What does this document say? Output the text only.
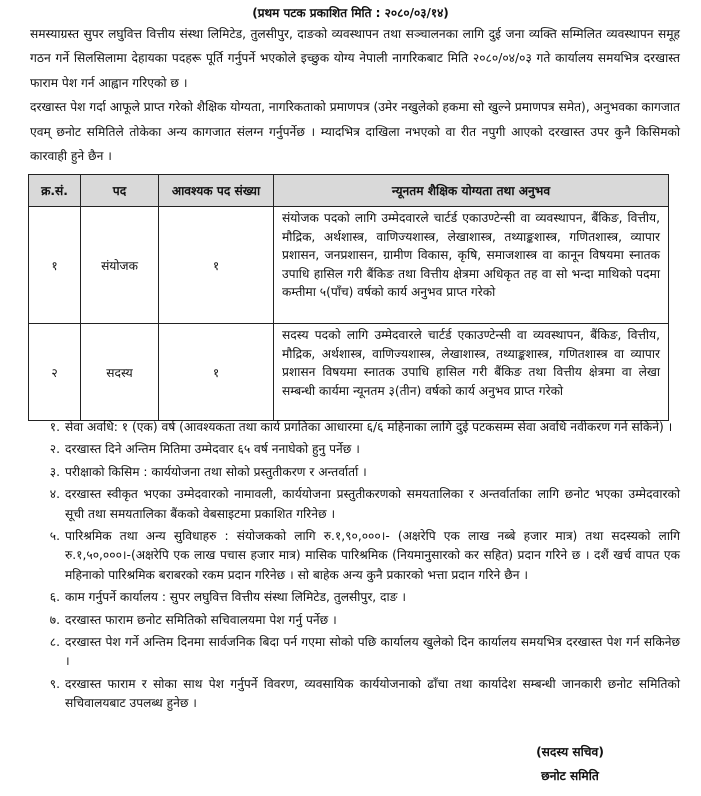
(प्रथम पटक प्रकाशित मिति : २०८०/०३/१४)

समस्याग्रस्त सुपर लघुवित्त वित्तीय संस्था लिमिटेड, तुलसीपुर, दाङको व्यवस्थापन तथा सञ्चालनका लागि दुई जना व्यक्ति सम्मिलित व्यवस्थापन समूह गठन गर्ने सिलसिलामा देहायका पदहरू पूर्ति गर्नुपर्ने भएकोले इच्छुक योग्य नेपाली नागरिकबाट मिति २०८०/०४/०३ गते कार्यालय समयभित्र दरखास्त फाराम पेश गर्न आह्वान गरिएको छ ।

दरखास्त पेश गर्दा आफूले प्राप्त गरेको शैक्षिक योग्यता, नागरिकताको प्रमाणपत्र (उमेर नखुलेको हकमा सो खुल्ने प्रमाणपत्र समेत), अनुभवका कागजात एवम् छनोट समितिले तोकेका अन्य कागजात संलग्न गर्नुपर्नेछ । म्यादभित्र दाखिला नभएको वा रीत नपुगी आएको दरखास्त उपर कुनै किसिमको कारवाही हुने छैन ।

क्र.सं.	पद	आवश्यक पद संख्या	न्यूनतम शैक्षिक योग्यता तथा अनुभव
१	संयोजक	१	संयोजक पदको लागि उम्मेदवारले चार्टर्ड एकाउण्टेन्सी वा व्यवस्थापन, बैंकिङ, वित्तीय, मौद्रिक, अर्थशास्त्र, वाणिज्यशास्त्र, लेखाशास्त्र, तथ्याङ्कशास्त्र, गणितशास्त्र, व्यापार प्रशासन, जनप्रशासन, ग्रामीण विकास, कृषि, समाजशास्त्र वा कानून विषयमा स्नातक उपाधि हासिल गरी बैंकिङ तथा वित्तीय क्षेत्रमा अधिकृत तह वा सो भन्दा माथिको पदमा कम्तीमा ५(पाँच) वर्षको कार्य अनुभव प्राप्त गरेको
२	सदस्य	१	सदस्य पदको लागि उम्मेदवारले चार्टर्ड एकाउण्टेन्सी वा व्यवस्थापन, बैंकिङ, वित्तीय, मौद्रिक, अर्थशास्त्र, वाणिज्यशास्त्र, लेखाशास्त्र, तथ्याङ्कशास्त्र, गणितशास्त्र वा व्यापार प्रशासन विषयमा स्नातक उपाधि हासिल गरी बैंकिङ तथा वित्तीय क्षेत्रमा वा लेखा सम्बन्धी कार्यमा न्यूनतम ३(तीन) वर्षको कार्य अनुभव प्राप्त गरेको
१. सेवा अवधि: १ (एक) वर्ष (आवश्यकता तथा कार्य प्रगतिका आधारमा ६/६ महिनाका लागि दुई पटकसम्म सेवा अवधि नवीकरण गर्न सकिने) ।
२. दरखास्त दिने अन्तिम मितिमा उम्मेदवार ६५ वर्ष ननाघेको हुनु पर्नेछ ।
३. परीक्षाको किसिम : कार्ययोजना तथा सोको प्रस्तुतीकरण र अन्तर्वार्ता ।
४. दरखास्त स्वीकृत भएका उम्मेदवारको नामावली, कार्ययोजना प्रस्तुतीकरणको समयतालिका र अन्तर्वार्ताका लागि छनोट भएका उम्मेदवारको सूची तथा समयतालिका बैंकको वेबसाइटमा प्रकाशित गरिनेछ ।
५. पारिश्रमिक तथा अन्य सुविधाहरु : संयोजकको लागि रु.१,९०,०००।- (अक्षरेपि एक लाख नब्बे हजार मात्र) तथा सदस्यको लागि रु.१,५०,०००।-(अक्षरेपि एक लाख पचास हजार मात्र) मासिक पारिश्रमिक (नियमानुसारको कर सहित) प्रदान गरिने छ । दशैं खर्च वापत एक महिनाको पारिश्रमिक बराबरको रकम प्रदान गरिनेछ । सो बाहेक अन्य कुनै प्रकारको भत्ता प्रदान गरिने छैन ।
६. काम गर्नुपर्ने कार्यालय : सुपर लघुवित्त वित्तीय संस्था लिमिटेड, तुलसीपुर, दाङ ।
७. दरखास्त फाराम छनोट समितिको सचिवालयमा पेश गर्नु पर्नेछ ।
८. दरखास्त पेश गर्ने अन्तिम दिनमा सार्वजनिक बिदा पर्न गएमा सोको पछि कार्यालय खुलेको दिन कार्यालय समयभित्र दरखास्त पेश गर्न सकिनेछ ।
९. दरखास्त फाराम र सोका साथ पेश गर्नुपर्ने विवरण, व्यवसायिक कार्ययोजनाको ढाँचा तथा कार्यादेश सम्बन्धी जानकारी छनोट समितिको सचिवालयबाट उपलब्ध हुनेछ ।
(सदस्य सचिव)
छनोट समिति
